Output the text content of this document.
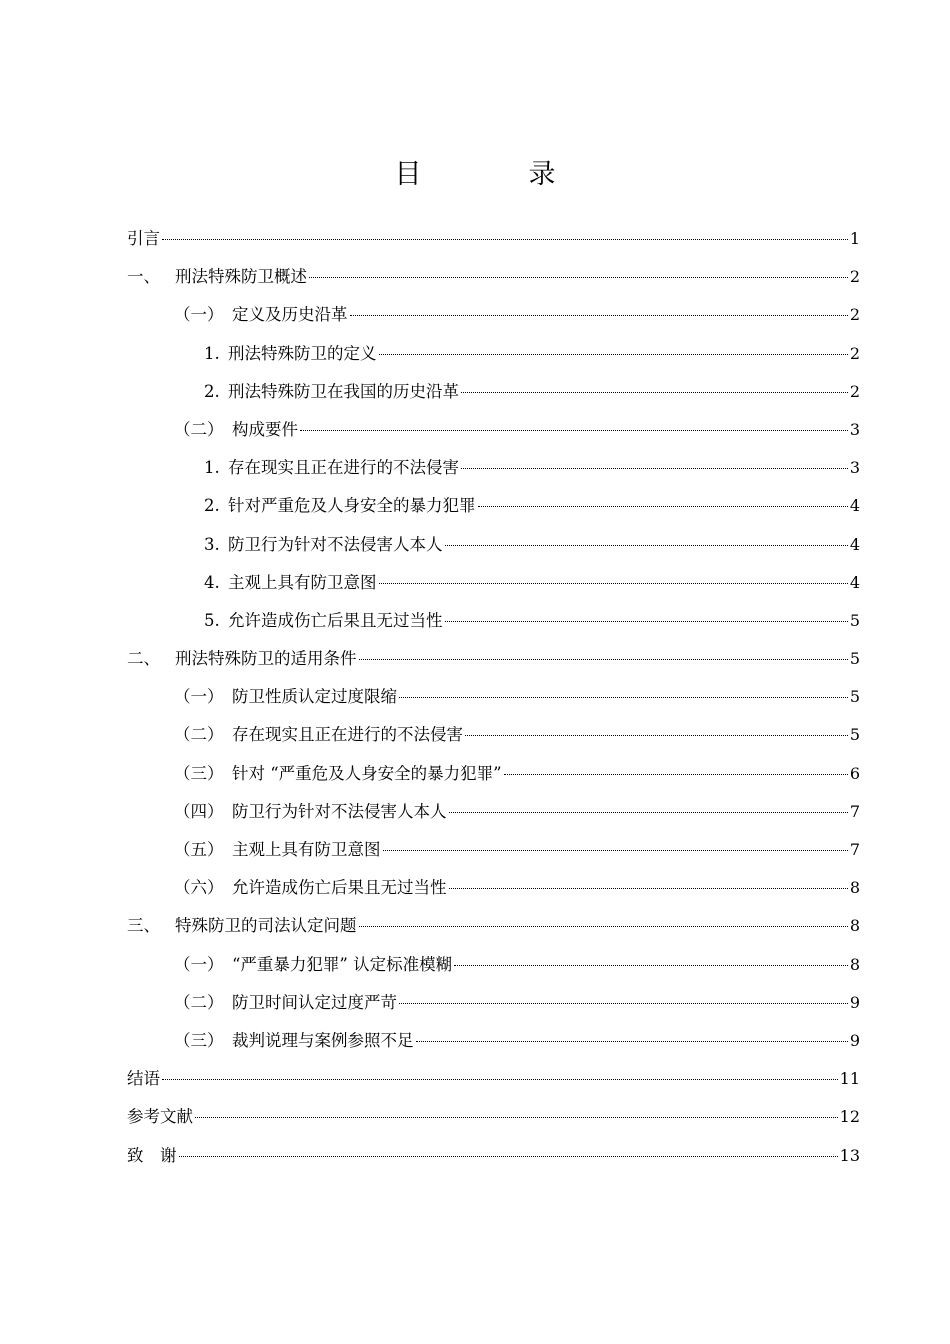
目　录
引言	1
一、 刑法特殊防卫概述	2
（一） 定义及历史沿革	2
1. 刑法特殊防卫的定义	2
2. 刑法特殊防卫在我国的历史沿革	2
（二） 构成要件	3
1. 存在现实且正在进行的不法侵害	3
2. 针对严重危及人身安全的暴力犯罪	4
3. 防卫行为针对不法侵害人本人	4
4. 主观上具有防卫意图	4
5. 允许造成伤亡后果且无过当性	5
二、 刑法特殊防卫的适用条件	5
（一） 防卫性质认定过度限缩	5
（二） 存在现实且正在进行的不法侵害	5
（三） 针对 “严重危及人身安全的暴力犯罪”	6
（四） 防卫行为针对不法侵害人本人	7
（五） 主观上具有防卫意图	7
（六） 允许造成伤亡后果且无过当性	8
三、 特殊防卫的司法认定问题	8
（一） “严重暴力犯罪” 认定标准模糊	8
（二） 防卫时间认定过度严苛	9
（三） 裁判说理与案例参照不足	9
结语	11
参考文献	12
致　谢	13
